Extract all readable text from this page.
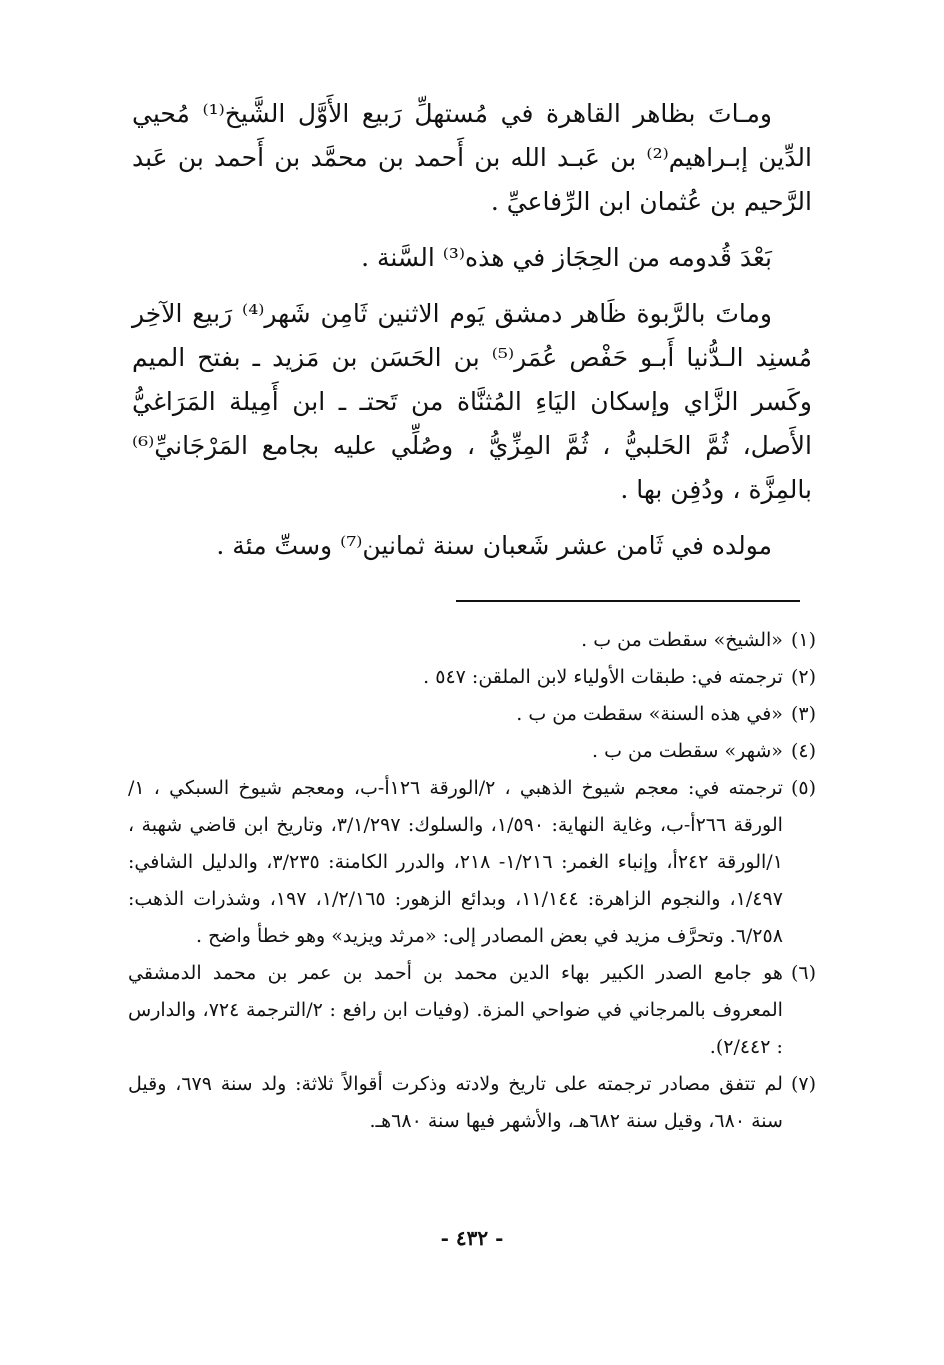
ومـاتَ بظاهر القاهرة في مُستهلِّ رَبيع الأَوَّل الشَّيخ⁽¹⁾ مُحيي الدِّين إبـراهيم⁽²⁾ بن عَبـد الله بن أَحمد بن محمَّد بن أَحمد بن عَبد الرَّحيم بن عُثمان ابن الرِّفاعيِّ .

بَعْدَ قُدومه من الحِجَاز في هذه⁽³⁾ السَّنة .

وماتَ بالرَّبوة ظَاهر دمشق يَوم الاثنين ثَامِن شَهر⁽⁴⁾ رَبيع الآخِر مُسنِد الـدُّنيا أَبـو حَفْص عُمَر⁽⁵⁾ بن الحَسَن بن مَزيد ـ بفتح الميم وكَسر الزَّاي وإسكان اليَاءِ المُثنَّاة من تَحتـ ـ ابن أَمِيلة المَرَاغيُّ الأَصل، ثُمَّ الحَلبيُّ ، ثُمَّ المِزِّيُّ ، وصُلِّي عليه بجامع المَرْجَانيِّ⁽⁶⁾ بالمِزَّة ، ودُفِن بها .

مولده في ثَامن عشر شَعبان سنة ثمانين⁽⁷⁾ وستِّ مئة .

(١)
«الشيخ» سقطت من ب .
(٢)
ترجمته في: طبقات الأولياء لابن الملقن: ٥٤٧ .
(٣)
«في هذه السنة» سقطت من ب .
(٤)
«شهر» سقطت من ب .
(٥)
ترجمته في: معجم شيوخ الذهبي ، ٢/الورقة ١٢٦أ-ب، ومعجم شيوخ السبكي ، ١/الورقة ٢٦٦أ-ب، وغاية النهاية: ١/٥٩٠، والسلوك: ٣/١/٢٩٧، وتاريخ ابن قاضي شهبة ، ١/الورقة ٢٤٢أ، وإنباء الغمر: ١/٢١٦- ٢١٨، والدرر الكامنة: ٣/٢٣٥، والدليل الشافي: ١/٤٩٧، والنجوم الزاهرة: ١١/١٤٤، وبدائع الزهور: ١/٢/١٦٥، ١٩٧، وشذرات الذهب: ٦/٢٥٨. وتحرَّف مزيد في بعض المصادر إلى: «مرثد ويزيد» وهو خطأ واضح .
(٦)
هو جامع الصدر الكبير بهاء الدين محمد بن أحمد بن عمر بن محمد الدمشقي المعروف بالمرجاني في ضواحي المزة. (وفيات ابن رافع : ٢/الترجمة ٧٢٤، والدارس : ٢/٤٤٢).
(٧)
لم تتفق مصادر ترجمته على تاريخ ولادته وذكرت أقوالاً ثلاثة: ولد سنة ٦٧٩، وقيل سنة ٦٨٠، وقيل سنة ٦٨٢هـ، والأشهر فيها سنة ٦٨٠هـ.
- ٤٣٢ -
